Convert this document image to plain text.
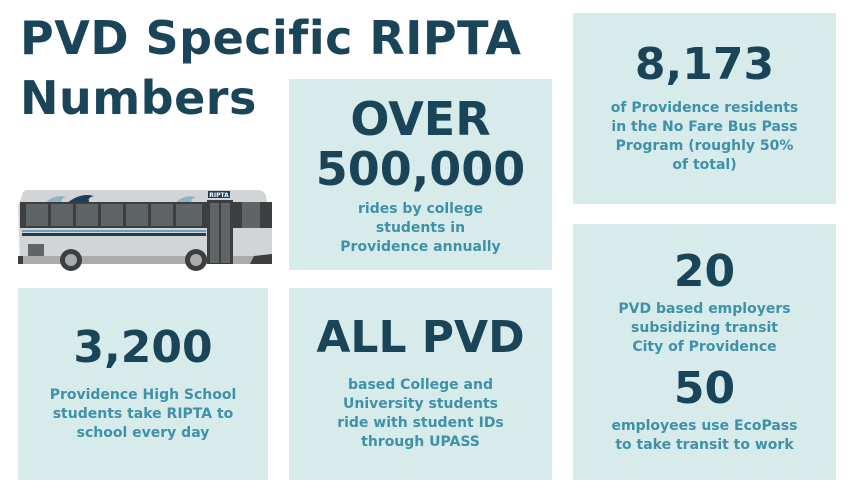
PVD Specific RIPTA
Numbers
RIPTA
OVER
500,000
rides by college
students in
Providence annually
8,173
of Providence residents
in the No Fare Bus Pass
Program (roughly 50%
of total)
20
PVD based employers
subsidizing transit
City of Providence
50
employees use EcoPass
to take transit to work
3,200
Providence High School
students take RIPTA to
school every day
ALL PVD
based College and
University students
ride with student IDs
through UPASS
